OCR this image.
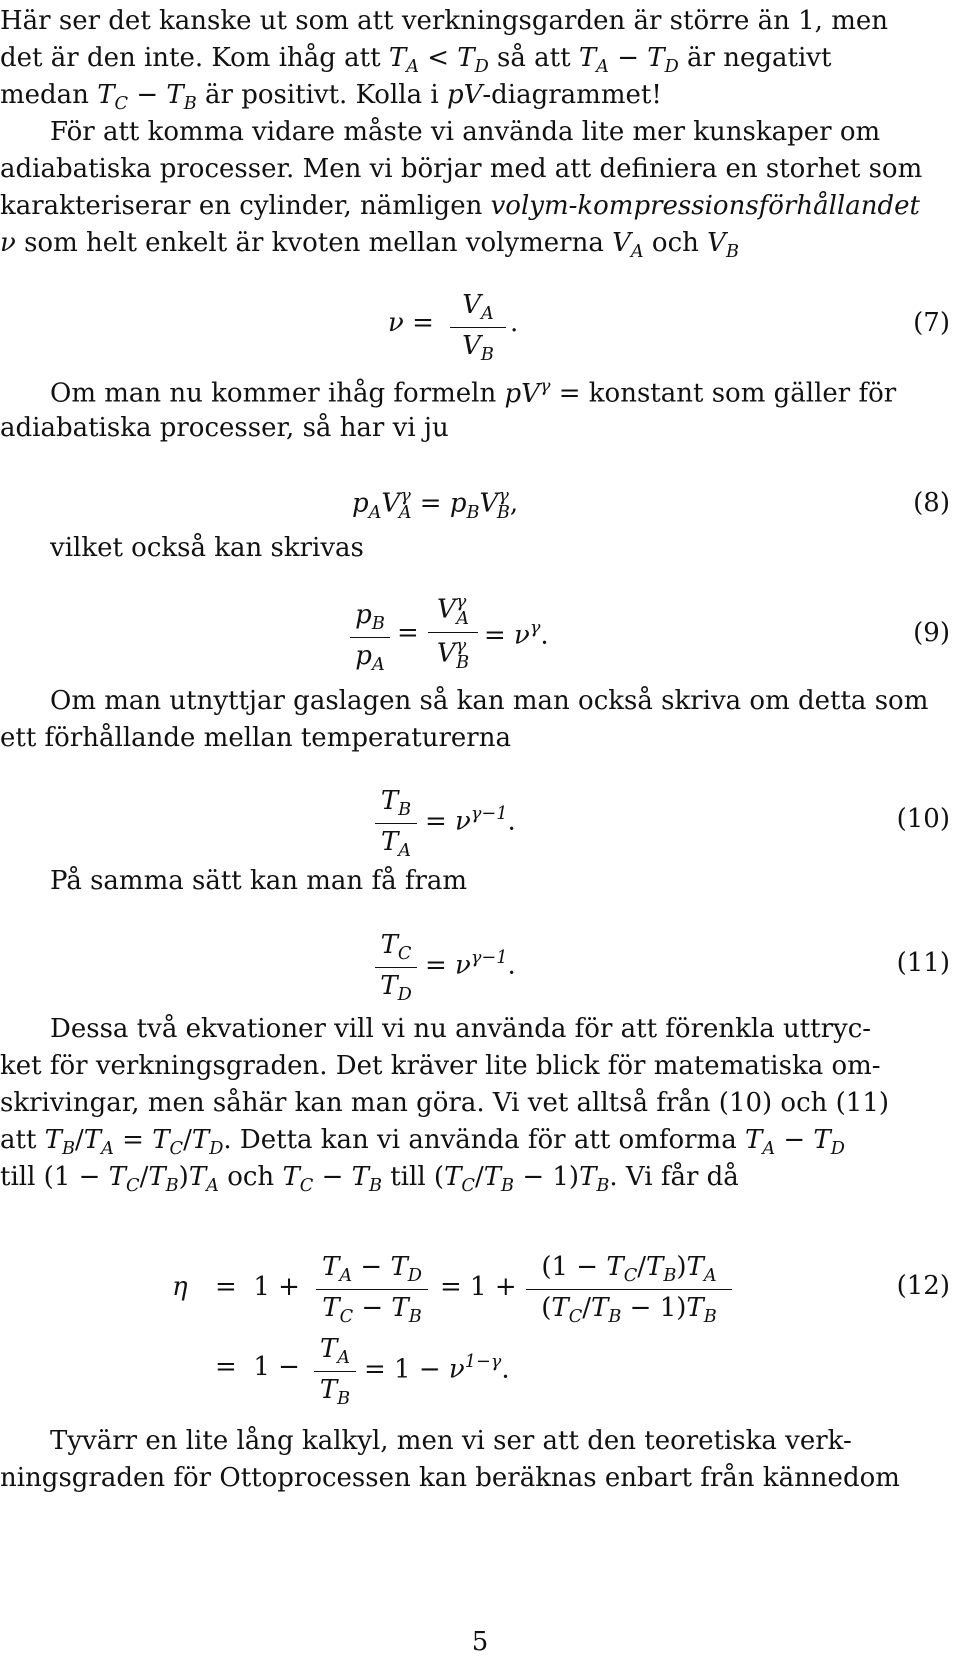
Här ser det kanske ut som att verkningsgarden är större än 1, men
det är den inte. Kom ihåg att $T_A < T_D$ så att $T_A - T_D$ är negativt
medan $T_C - T_B$ är positivt. Kolla i pV-diagrammet!
För att komma vidare måste vi använda lite mer kunskaper om
adiabatiska processer. Men vi börjar med att definiera en storhet som
karakteriserar en cylinder, nämligen volym-kompressionsförhållandet
ν som helt enkelt är kvoten mellan volymerna $V_A$ och $V_B$
ν =
$V_A$
$V_B$
.	(7)
Om man nu kommer ihåg formeln $pV^\gamma$ = konstant som gäller för
adiabatiska processer, så har vi ju
$p_AV^\gamma_A = p_BV^\gamma_B$,	(8)
vilket också kan skrivas
$p_B$
$p_A$
=
$V^\gamma_A$
$V^\gamma_B$
= $\nu^\gamma$.	(9)
Om man utnyttjar gaslagen så kan man också skriva om detta som
ett förhållande mellan temperaturerna
$T_B$
$T_A$
= $\nu^{\gamma-1}$.	(10)
På samma sätt kan man få fram
$T_C$
$T_D$
= $\nu^{\gamma-1}$.	(11)
Dessa två ekvationer vill vi nu använda för att förenkla uttryc-
ket för verkningsgraden. Det kräver lite blick för matematiska om-
skrivingar, men såhär kan man göra. Vi vet alltså från (10) och (11)
att $T_B/T_A = T_C/T_D$. Detta kan vi använda för att omforma $T_A - T_D$
till $(1 - T_C/T_B)T_A$ och $T_C - T_B$ till $(T_C/T_B - 1)T_B$. Vi får då
η =  1 +
$T_A - T_D$
$T_C - T_B$
= 1 +
$(1 - T_C/T_B)T_A$
$(T_C/T_B - 1)T_B$
(12)
=  1 −
$T_A$
$T_B$
= $1 - \nu^{1-\gamma}$.
Tyvärr en lite lång kalkyl, men vi ser att den teoretiska verk-
ningsgraden för Ottoprocessen kan beräknas enbart från kännedom
5
